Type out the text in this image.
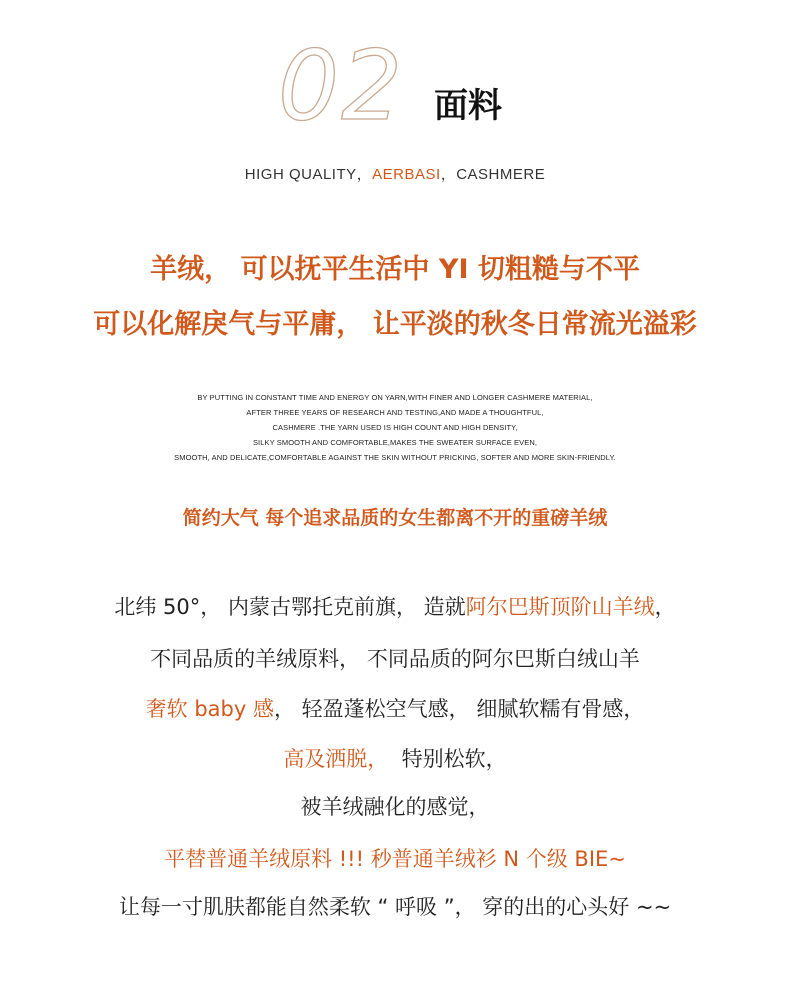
02 面料
HIGH QUALITY，AERBASI，CASHMERE
羊绒， 可以抚平生活中 YI 切粗糙与不平
可以化解戾气与平庸， 让平淡的秋冬日常流光溢彩
BY PUTTING IN CONSTANT TIME AND ENERGY ON YARN,WITH FINER AND LONGER CASHMERE MATERIAL,
AFTER THREE YEARS OF RESEARCH AND TESTING,AND MADE A THOUGHTFUL,
CASHMERE .THE YARN USED IS HIGH COUNT AND HIGH DENSITY,
SILKY SMOOTH AND COMFORTABLE,MAKES THE SWEATER SURFACE EVEN,
SMOOTH, AND DELICATE,COMFORTABLE AGAINST THE SKIN WITHOUT PRICKING, SOFTER AND MORE SKIN-FRIENDLY.
简约大气 每个追求品质的女生都离不开的重磅羊绒
北纬 50°， 内蒙古鄂托克前旗， 造就阿尔巴斯顶阶山羊绒，
不同品质的羊绒原料， 不同品质的阿尔巴斯白绒山羊
奢软 baby 感， 轻盈蓬松空气感， 细腻软糯有骨感，
高及洒脱，  特别松软，
被羊绒融化的感觉，
平替普通羊绒原料 !!! 秒普通羊绒衫 N 个级 BIE~
让每一寸肌肤都能自然柔软 “ 呼吸 ”， 穿的出的心头好 ~~
